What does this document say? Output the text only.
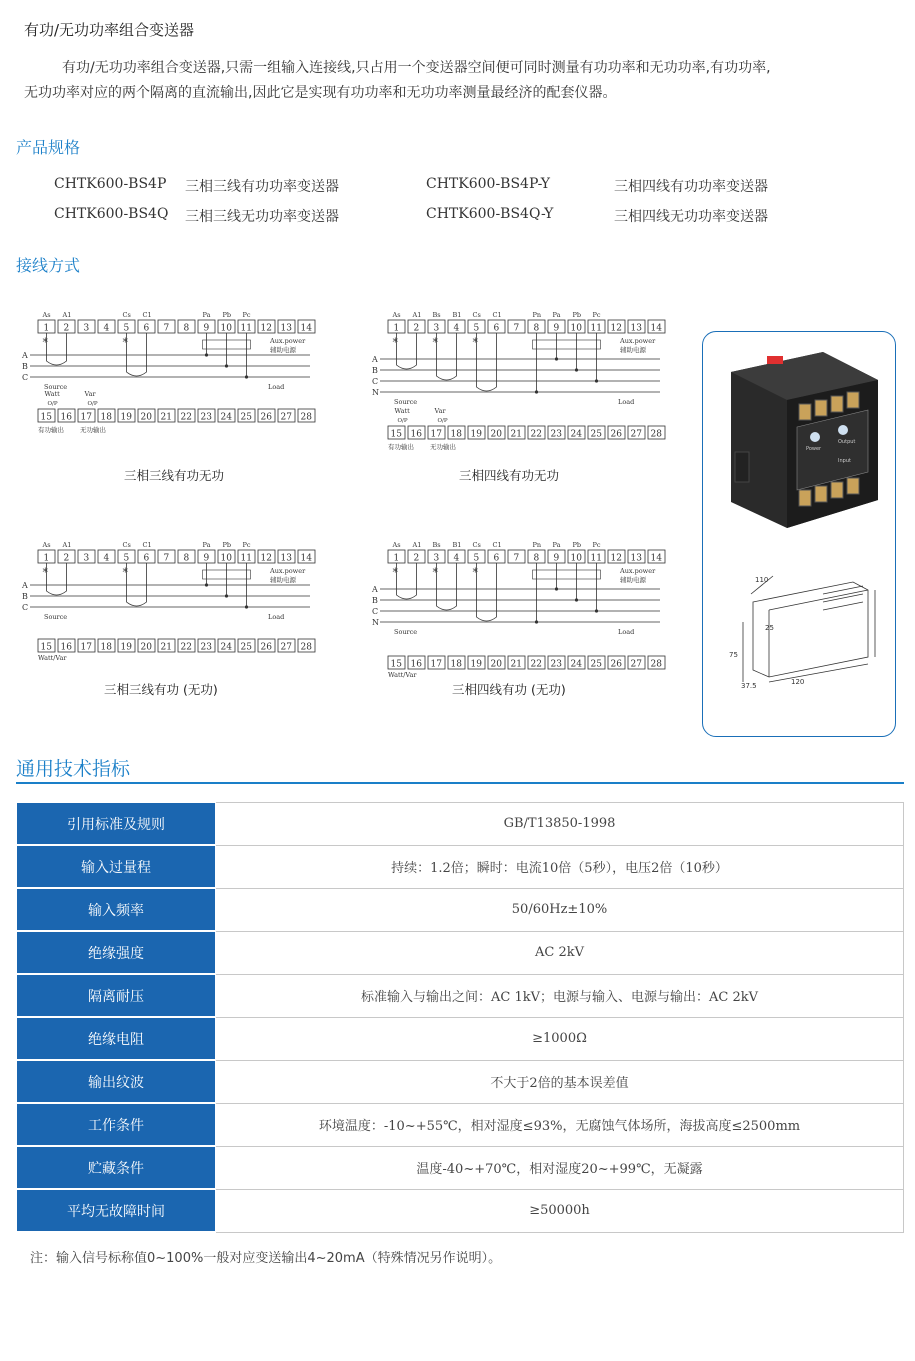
有功/无功功率组合变送器

有功/无功功率组合变送器,只需一组输入连接线,只占用一个变送器空间便可同时测量有功功率和无功功率,有功功率,

无功功率对应的两个隔离的直流输出,因此它是实现有功功率和无功功率测量最经济的配套仪器。
产品规格
CHTK600-BS4P 三相三线有功功率变送器	CHTK600-BS4P-Y	三相四线有功功率变送器
CHTK600-BS4Q 三相三线无功功率变送器	CHTK600-BS4Q-Y	三相四线无功功率变送器
接线方式
As A1	Cs C1	Pa Pb Pc
1 2 3 4 5 6 7 8 9 10 11 12 13 14
Aux.power
辅助电源
A
B
C
Source	Load
*	*
Watt	Var
O/P	O/P
15 16 17 18 19 20 21 22 23 24 25 26 27 28
有功输出 无功输出
As A1 Bs B1 Cs C1	Pn Pa Pb Pc
1 2 3 4 5 6 7 8 9 10 11 12 13 14
Aux.power
辅助电源
A
B
C
N
Source	Load
*	*	*
Watt	Var
O/P	O/P
15 16 17 18 19 20 21 22 23 24 25 26 27 28
有功输出 无功输出
As A1	Cs C1	Pa Pb Pc
1 2 3 4 5 6 7 8 9 10 11 12 13 14
Aux.power
辅助电源
A
B
C
Source	Load
*	*
15 16 17 18 19 20 21 22 23 24 25 26 27 28
Watt/Var
As A1 Bs B1 Cs C1	Pn Pa Pb Pc
1 2 3 4 5 6 7 8 9 10 11 12 13 14
Aux.power
辅助电源
A
B
C
N
Source	Load
*	*	*
15 16 17 18 19 20 21 22 23 24 25 26 27 28
Watt/Var
三相三线有功无功	三相四线有功无功
三相三线有功 (无功)	三相四线有功 (无功)
Power
Output
Input
110
25
75
37.5	120
通用技术指标
引用标准及规则	GB/T13850-1998
输入过量程	持续：1.2倍；瞬时：电流10倍（5秒），电压2倍（10秒）
输入频率	50/60Hz±10%
绝缘强度	AC 2kV
隔离耐压	标准输入与输出之间：AC 1kV；电源与输入、电源与输出：AC 2kV
绝缘电阻	≥1000Ω
输出纹波	不大于2倍的基本误差值
工作条件	环境温度：-10~+55℃，相对湿度≤93%，无腐蚀气体场所，海拔高度≤2500mm
贮藏条件	温度-40~+70℃，相对湿度20~+99℃，无凝露
平均无故障时间	≥50000h
注：输入信号标称值0~100%一般对应变送输出4~20mA（特殊情况另作说明）。
